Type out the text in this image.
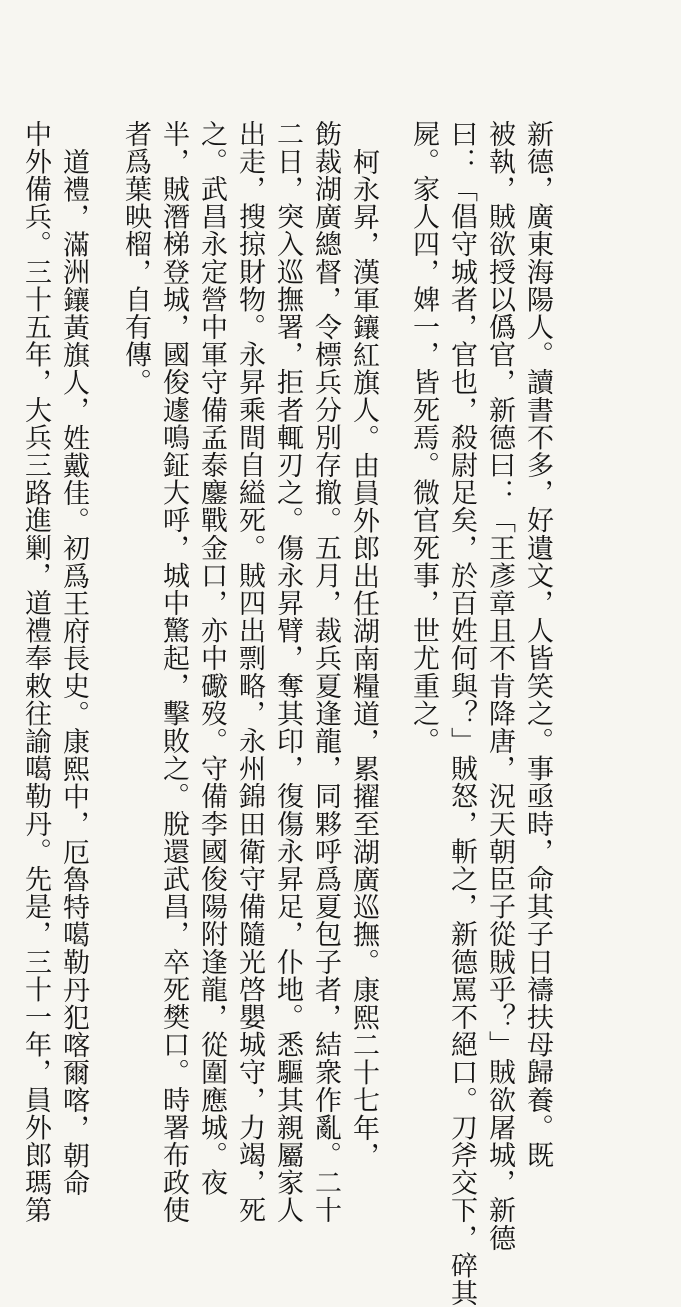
新德，廣東海陽人。讀書不多，好遺文，人皆笑之。事亟時，命其子日禱扶母歸養。既
被執，賊欲授以僞官，新德曰：「王彥章且不肯降唐，況天朝臣子從賊乎？」賊欲屠城，新德
曰：「倡守城者，官也，殺尉足矣，於百姓何與？」賊怒，斬之，新德罵不絕口。刀斧交下，碎其
屍。家人四，婢一，皆死焉。微官死事，世尤重之。
柯永昇，漢軍鑲紅旗人。由員外郎出任湖南糧道，累擢至湖廣巡撫。康熙二十七年，
飭裁湖廣總督，令標兵分別存撤。五月，裁兵夏逢龍，同夥呼爲夏包子者，結衆作亂。二十
二日，突入巡撫署，拒者輒刃之。傷永昇臂，奪其印，復傷永昇足，仆地。悉驅其親屬家人
出走，搜掠財物。永昇乘間自縊死。賊四出剽略，永州錦田衛守備隨光啓嬰城守，力竭，死
之。武昌永定營中軍守備孟泰鏖戰金口，亦中礮歿。守備李國俊陽附逢龍，從圍應城。夜
半，賊潛梯登城，國俊遽鳴鉦大呼，城中驚起，擊敗之。脫還武昌，卒死樊口。時署布政使
者爲葉映榴，自有傳。
道禮，滿洲鑲黃旗人，姓戴佳。初爲王府長史。康熙中，厄魯特噶勒丹犯喀爾喀，朝命
中外備兵。三十五年，大兵三路進剿，道禮奉敕往諭噶勒丹。先是，三十一年，員外郎瑪第
